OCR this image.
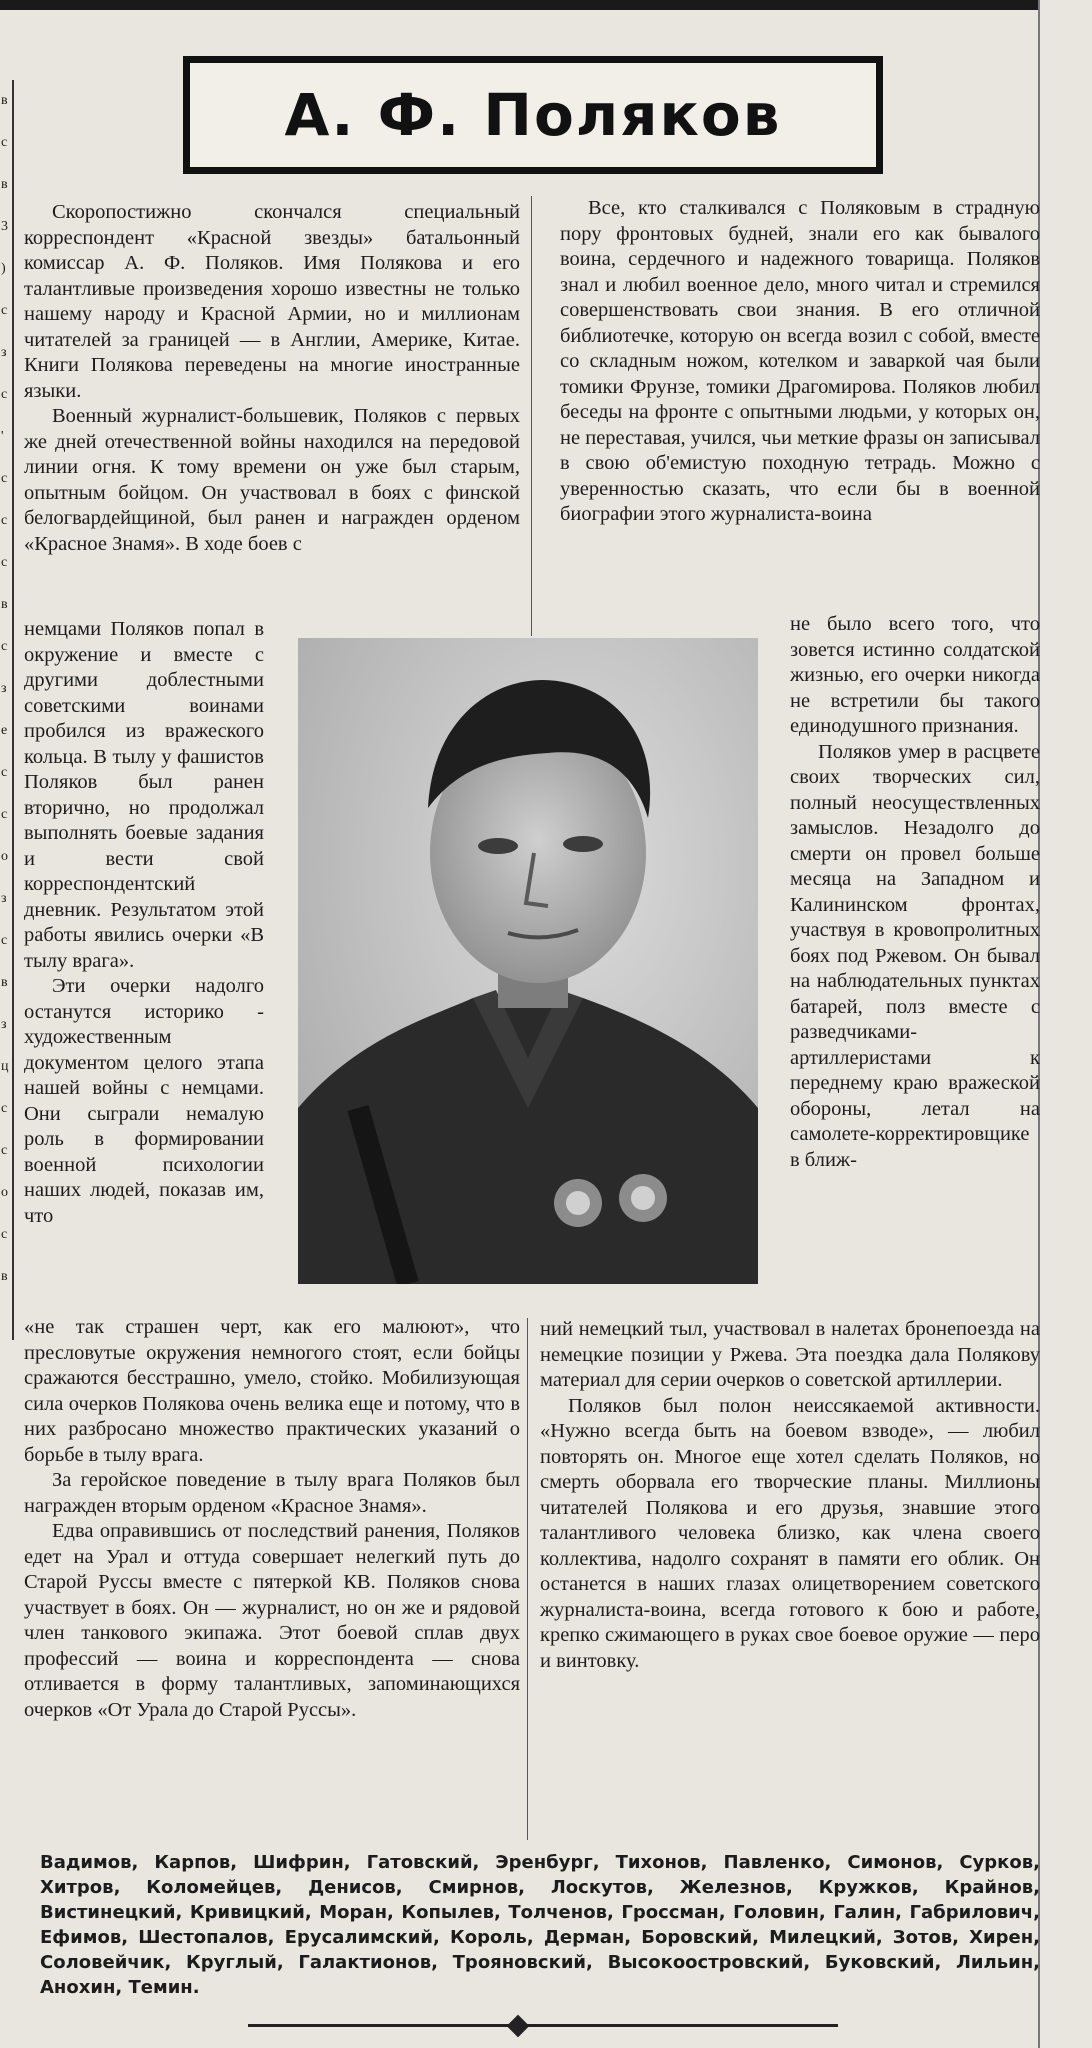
в
с
в
3
)
с
з
с
'
с
с
с
в
с
з
е
с
с
о
з
с
в
з
ц
с
с
о
с
в
А. Ф. Поляков

Скоропостижно скончался специальный корреспондент «Красной звезды» батальонный комиссар А. Ф. Поляков. Имя Полякова и его талантливые произведения хорошо известны не только нашему народу и Красной Армии, но и миллионам читателей за границей — в Англии, Америке, Китае. Книги Полякова переведены на многие иностранные языки.

Военный журналист-большевик, Поляков с первых же дней отечественной войны находился на передовой линии огня. К тому времени он уже был старым, опытным бойцом. Он участвовал в боях с финской белогвардейщиной, был ранен и награжден орденом «Красное Знамя». В ходе боев с

немцами Поляков попал в окружение и вместе с другими доблестными советскими воинами пробился из вражеского кольца. В тылу у фашистов Поляков был ранен вторично, но продолжал выполнять боевые задания и вести свой корреспондентский дневник. Результатом этой работы явились очерки «В тылу врага».

Эти очерки надолго останутся историко - художественным документом целого этапа нашей войны с немцами. Они сыграли немалую роль в формировании военной психологии наших людей, показав им, что

Все, кто сталкивался с Поляковым в страдную пору фронтовых будней, знали его как бывалого воина, сердечного и надежного товарища. Поляков знал и любил военное дело, много читал и стремился совершенствовать свои знания. В его отличной библиотечке, которую он всегда возил с собой, вместе со складным ножом, котелком и заваркой чая были томики Фрунзе, томики Драгомирова. Поляков любил беседы на фронте с опытными людьми, у которых он, не переставая, учился, чьи меткие фразы он записывал в свою об'емистую походную тетрадь. Можно с уверенностью сказать, что если бы в военной биографии этого журналиста-воина

не было всего того, что зовется истинно солдатской жизнью, его очерки никогда не встретили бы такого единодушного признания.

Поляков умер в расцвете своих творческих сил, полный неосуществленных замыслов. Незадолго до смерти он провел больше месяца на Западном и Калининском фронтах, участвуя в кровопролитных боях под Ржевом. Он бывал на наблюдательных пунктах батарей, полз вместе с разведчиками-артиллеристами к переднему краю вражеской обороны, летал на самолете-корректировщике в ближ-

«не так страшен черт, как его малюют», что пресловутые окружения немногого стоят, если бойцы сражаются бесстрашно, умело, стойко. Мобилизующая сила очерков Полякова очень велика еще и потому, что в них разбросано множество практических указаний о борьбе в тылу врага.

За геройское поведение в тылу врага Поляков был награжден вторым орденом «Красное Знамя».

Едва оправившись от последствий ранения, Поляков едет на Урал и оттуда совершает нелегкий путь до Старой Руссы вместе с пятеркой КВ. Поляков снова участвует в боях. Он — журналист, но он же и рядовой член танкового экипажа. Этот боевой сплав двух профессий — воина и корреспондента — снова отливается в форму талантливых, запоминающихся очерков «От Урала до Старой Руссы».

ний немецкий тыл, участвовал в налетах бронепоезда на немецкие позиции у Ржева. Эта поездка дала Полякову материал для серии очерков о советской артиллерии.

Поляков был полон неиссякаемой активности. «Нужно всегда быть на боевом взводе», — любил повторять он. Многое еще хотел сделать Поляков, но смерть оборвала его творческие планы. Миллионы читателей Полякова и его друзья, знавшие этого талантливого человека близко, как члена своего коллектива, надолго сохранят в памяти его облик. Он останется в наших глазах олицетворением советского журналиста-воина, всегда готового к бою и работе, крепко сжимающего в руках свое боевое оружие — перо и винтовку.

Вадимов, Карпов, Шифрин, Гатовский, Эренбург, Тихонов, Павленко, Симонов, Сурков, Хитров, Коломейцев, Денисов, Смирнов, Лоскутов, Железнов, Кружков, Крайнов, Вистинецкий, Кривицкий, Моран, Копылев, Толченов, Гроссман, Головин, Галин, Габрилович, Ефимов, Шестопалов, Ерусалимский, Король, Дерман, Боровский, Милецкий, Зотов, Хирен, Соловейчик, Круглый, Галактионов, Трояновский, Высокоостровский, Буковский, Лильин, Анохин, Темин.
